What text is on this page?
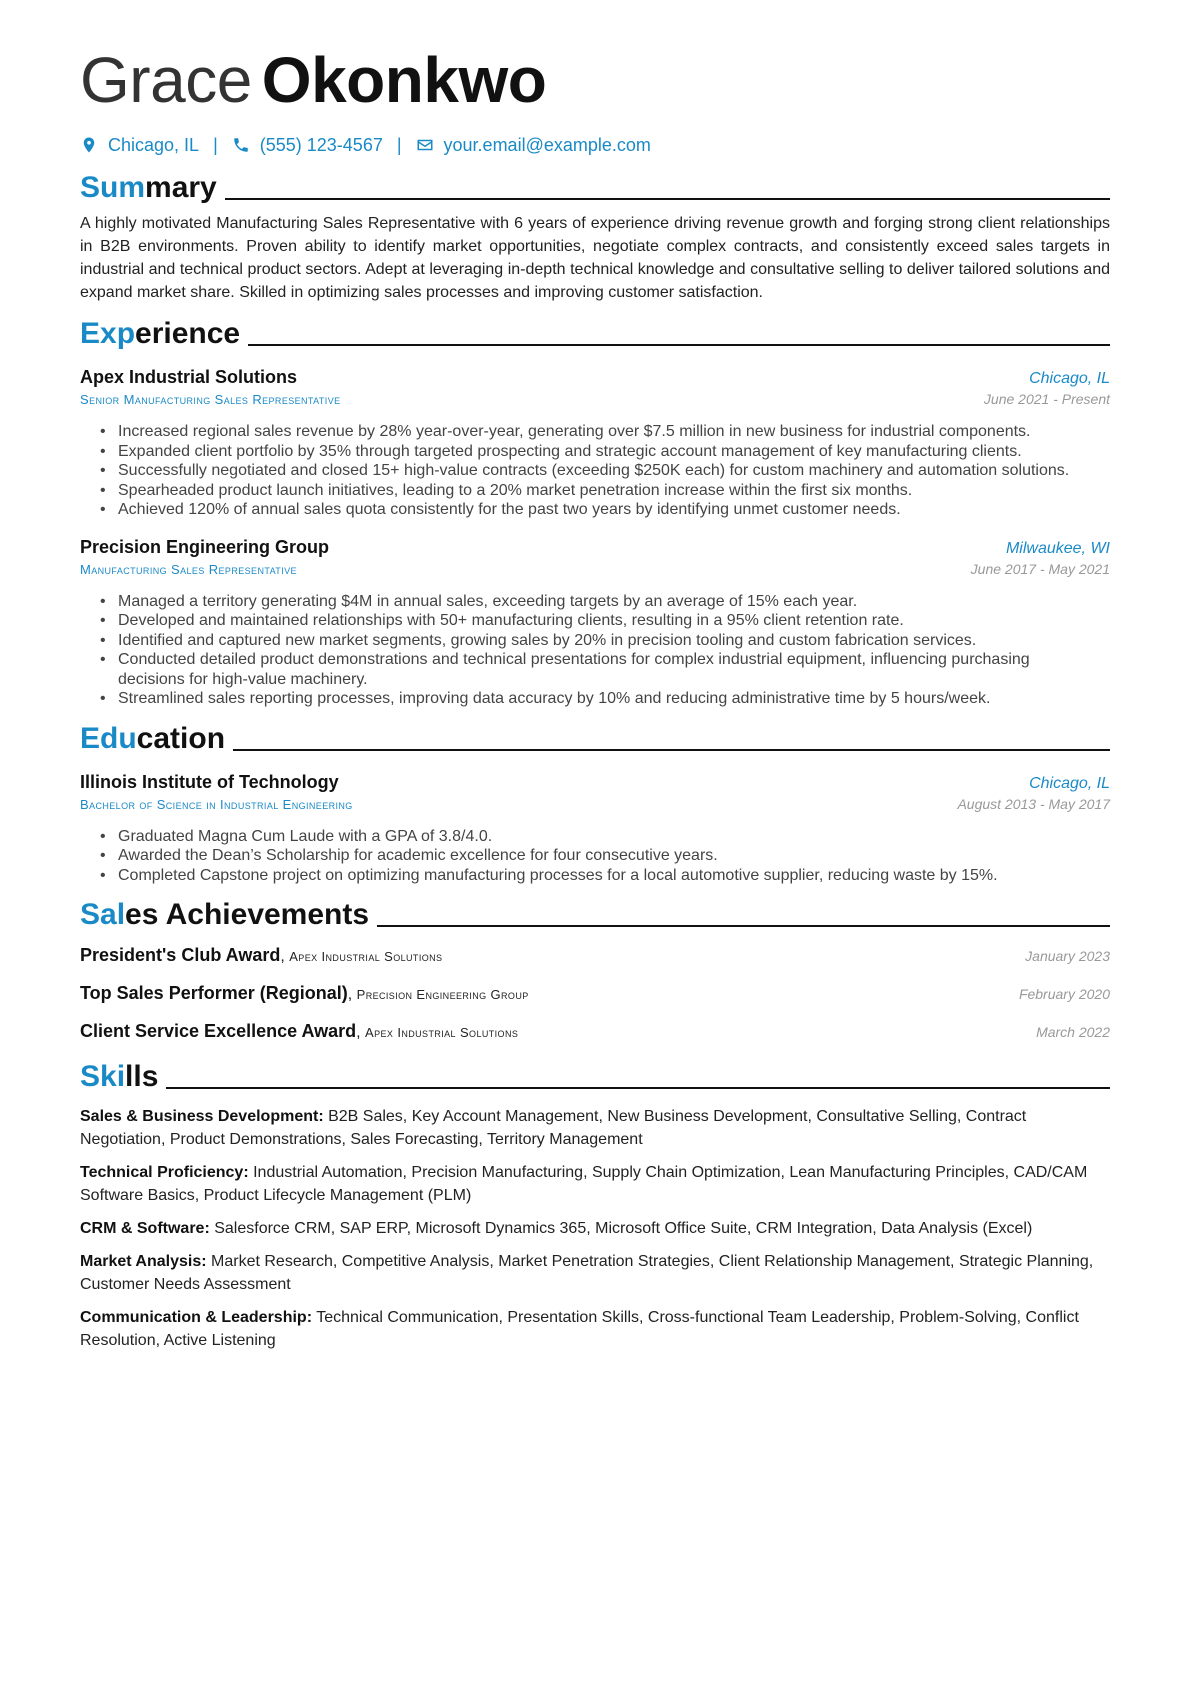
Grace Okonkwo
Chicago, IL | (555) 123-4567 | your.email@example.com
Summary
A highly motivated Manufacturing Sales Representative with 6 years of experience driving revenue growth and forging strong client relationships in B2B environments. Proven ability to identify market opportunities, negotiate complex contracts, and consistently exceed sales targets in industrial and technical product sectors. Adept at leveraging in-depth technical knowledge and consultative selling to deliver tailored solutions and expand market share. Skilled in optimizing sales processes and improving customer satisfaction.
Experience
Apex Industrial Solutions	Chicago, IL
Senior Manufacturing Sales Representative	June 2021 - Present
• Increased regional sales revenue by 28% year-over-year, generating over $7.5 million in new business for industrial components.
• Expanded client portfolio by 35% through targeted prospecting and strategic account management of key manufacturing clients.
• Successfully negotiated and closed 15+ high-value contracts (exceeding $250K each) for custom machinery and automation solutions.
• Spearheaded product launch initiatives, leading to a 20% market penetration increase within the first six months.
• Achieved 120% of annual sales quota consistently for the past two years by identifying unmet customer needs.
Precision Engineering Group	Milwaukee, WI
Manufacturing Sales Representative	June 2017 - May 2021
• Managed a territory generating $4M in annual sales, exceeding targets by an average of 15% each year.
• Developed and maintained relationships with 50+ manufacturing clients, resulting in a 95% client retention rate.
• Identified and captured new market segments, growing sales by 20% in precision tooling and custom fabrication services.
• Conducted detailed product demonstrations and technical presentations for complex industrial equipment, influencing purchasing decisions for high-value machinery.
• Streamlined sales reporting processes, improving data accuracy by 10% and reducing administrative time by 5 hours/week.
Education
Illinois Institute of Technology	Chicago, IL
Bachelor of Science in Industrial Engineering	August 2013 - May 2017
• Graduated Magna Cum Laude with a GPA of 3.8/4.0.
• Awarded the Dean’s Scholarship for academic excellence for four consecutive years.
• Completed Capstone project on optimizing manufacturing processes for a local automotive supplier, reducing waste by 15%.
Sales Achievements
President's Club Award, Apex Industrial Solutions	January 2023
Top Sales Performer (Regional), Precision Engineering Group	February 2020
Client Service Excellence Award, Apex Industrial Solutions	March 2022
Skills
Sales & Business Development: B2B Sales, Key Account Management, New Business Development, Consultative Selling, Contract Negotiation, Product Demonstrations, Sales Forecasting, Territory Management
Technical Proficiency: Industrial Automation, Precision Manufacturing, Supply Chain Optimization, Lean Manufacturing Principles, CAD/CAM Software Basics, Product Lifecycle Management (PLM)
CRM & Software: Salesforce CRM, SAP ERP, Microsoft Dynamics 365, Microsoft Office Suite, CRM Integration, Data Analysis (Excel)
Market Analysis: Market Research, Competitive Analysis, Market Penetration Strategies, Client Relationship Management, Strategic Planning, Customer Needs Assessment
Communication & Leadership: Technical Communication, Presentation Skills, Cross-functional Team Leadership, Problem-Solving, Conflict Resolution, Active Listening
